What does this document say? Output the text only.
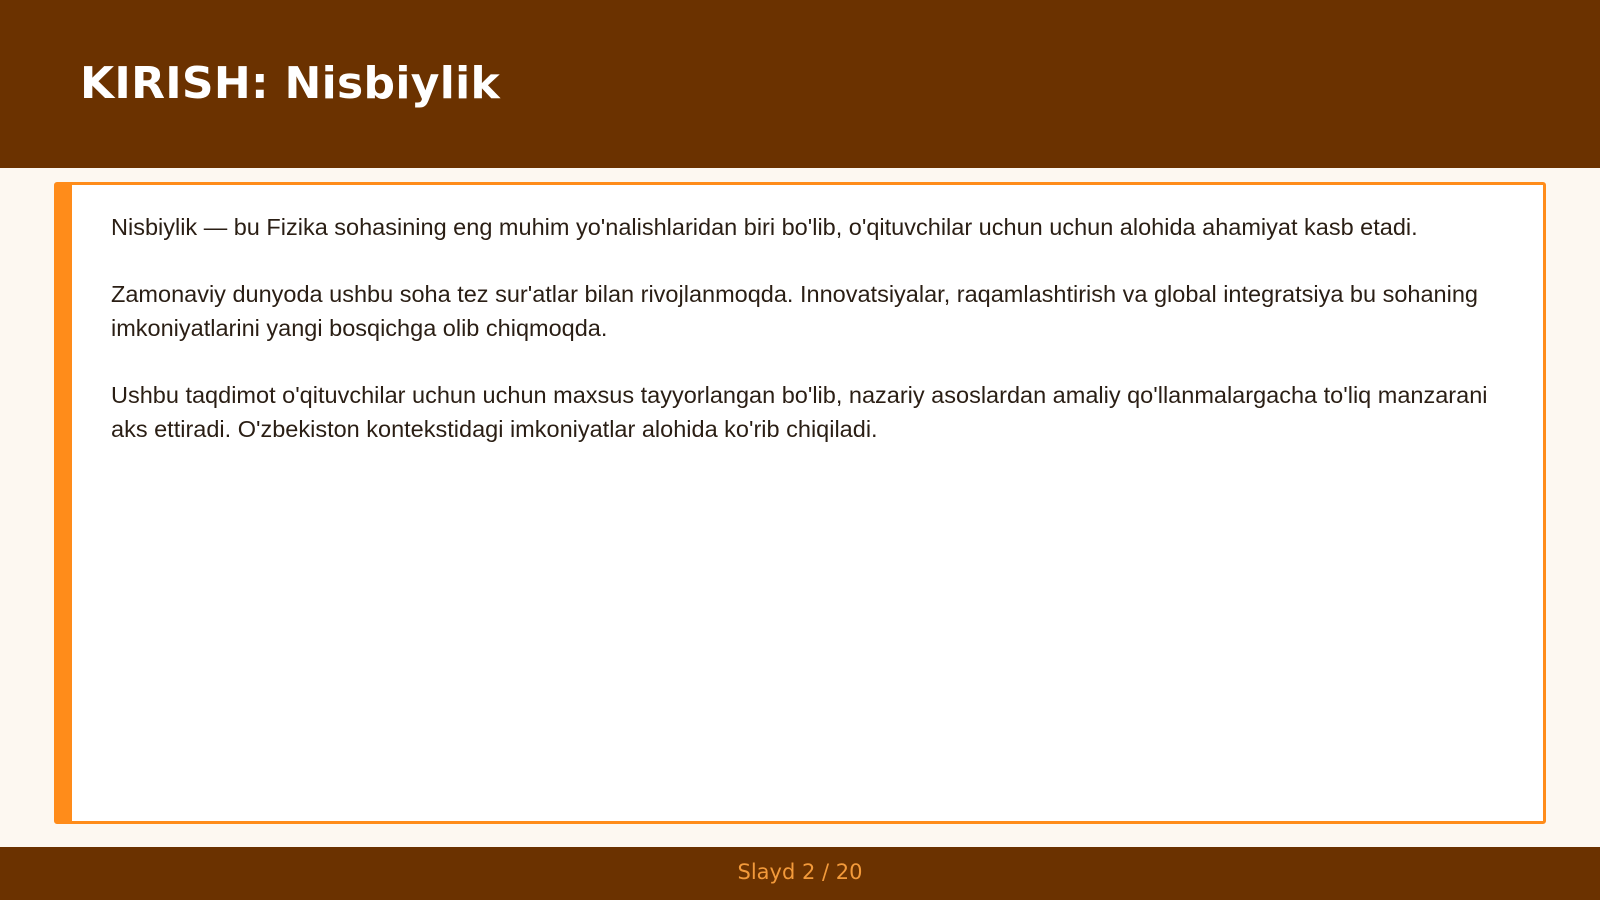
KIRISH: Nisbiylik

Nisbiylik — bu Fizika sohasining eng muhim yo'nalishlaridan biri bo'lib, o'qituvchilar uchun uchun alohida ahamiyat kasb etadi.

Zamonaviy dunyoda ushbu soha tez sur'atlar bilan rivojlanmoqda. Innovatsiyalar, raqamlashtirish va global integratsiya bu sohaning imkoniyatlarini yangi bosqichga olib chiqmoqda.

Ushbu taqdimot o'qituvchilar uchun uchun maxsus tayyorlangan bo'lib, nazariy asoslardan amaliy qo'llanmalargacha to'liq manzarani aks ettiradi. O'zbekiston kontekstidagi imkoniyatlar alohida ko'rib chiqiladi.

Slayd 2 / 20
